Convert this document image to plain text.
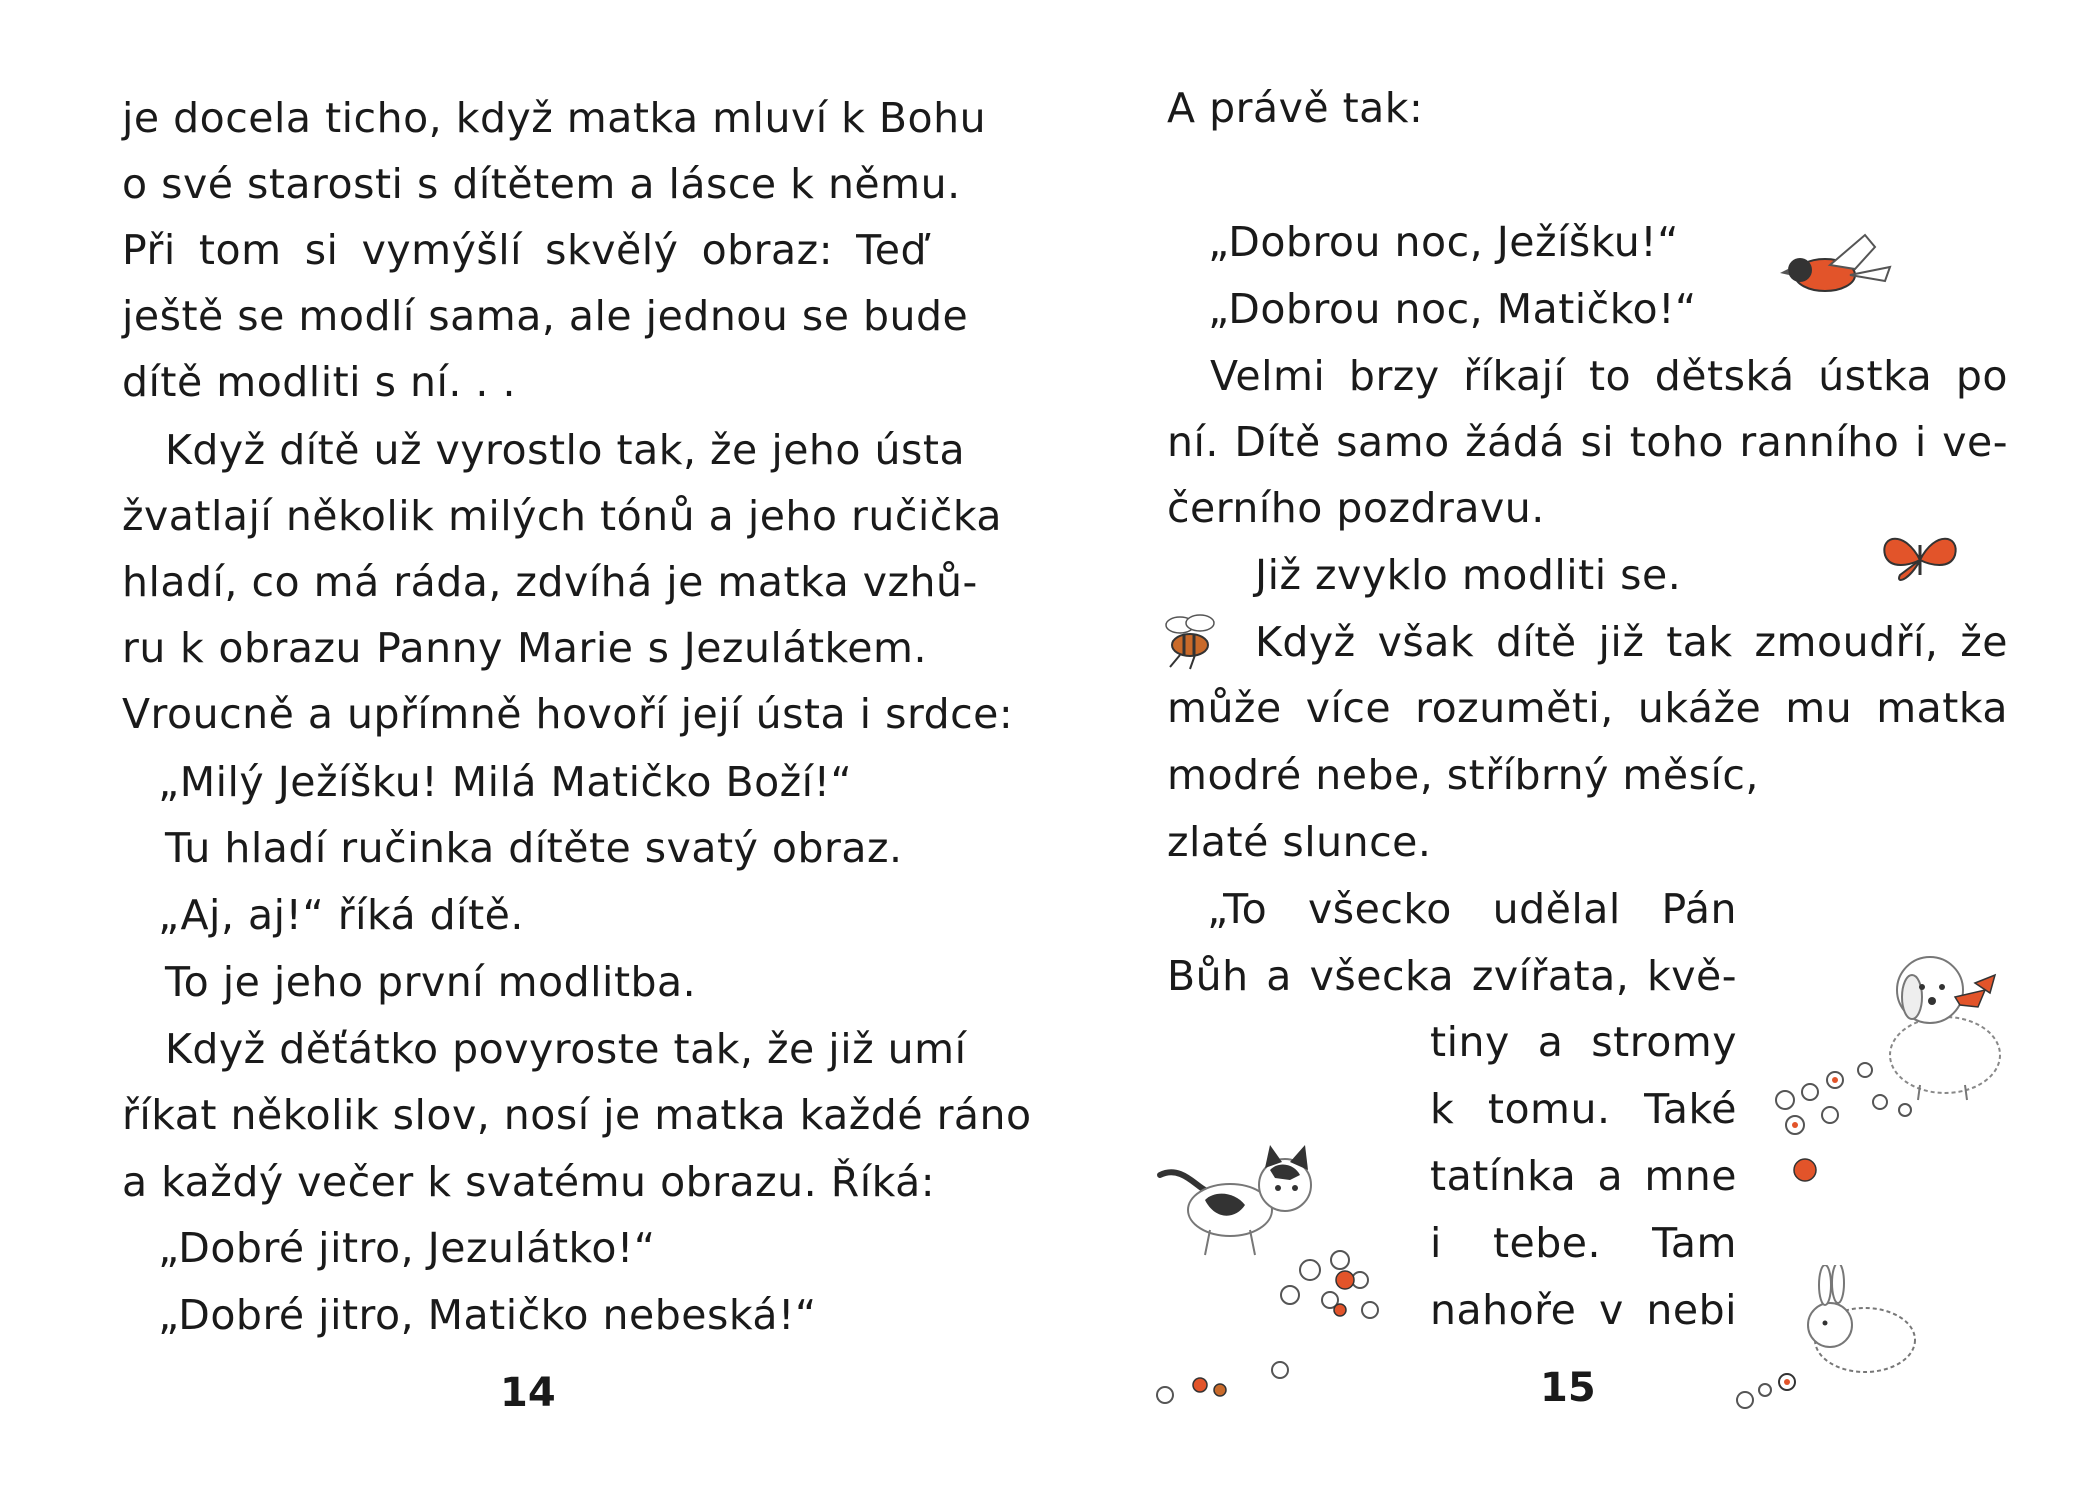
je docela ticho, když matka mluví k Bohu
o své starosti s dítětem a lásce k němu.
Při tom si vymýšlí skvělý obraz: Teď
ještě se modlí sama, ale jednou se bude
dítě modliti s ní. . .
Když dítě už vyrostlo tak, že jeho ústa
žvatlají několik milých tónů a jeho ručička
hladí, co má ráda, zdvíhá je matka vzhů-
ru k obrazu Panny Marie s Jezulátkem.
Vroucně a upřímně hovoří její ústa i srdce:
„Milý Ježíšku! Milá Matičko Boží!“
Tu hladí ručinka dítěte svatý obraz.
„Aj, aj!“ říká dítě.
To je jeho první modlitba.
Když děťátko povyroste tak, že již umí
říkat několik slov, nosí je matka každé ráno
a každý večer k svatému obrazu. Říká:
„Dobré jitro, Jezulátko!“
„Dobré jitro, Matičko nebeská!“
14
A právě tak:
„Dobrou noc, Ježíšku!“
„Dobrou noc, Matičko!“
Velmi brzy říkají to dětská ústka po
ní. Dítě samo žádá si toho ranního i ve-
černího pozdravu.
Již zvyklo modliti se.
Když však dítě již tak zmoudří, že
může více rozuměti, ukáže mu matka
modré nebe, stříbrný měsíc,
zlaté slunce.
„To všecko udělal Pán
Bůh a všecka zvířata, kvě-
tiny a stromy
k tomu. Také
tatínka a mne
i tebe. Tam
nahoře v nebi
15
